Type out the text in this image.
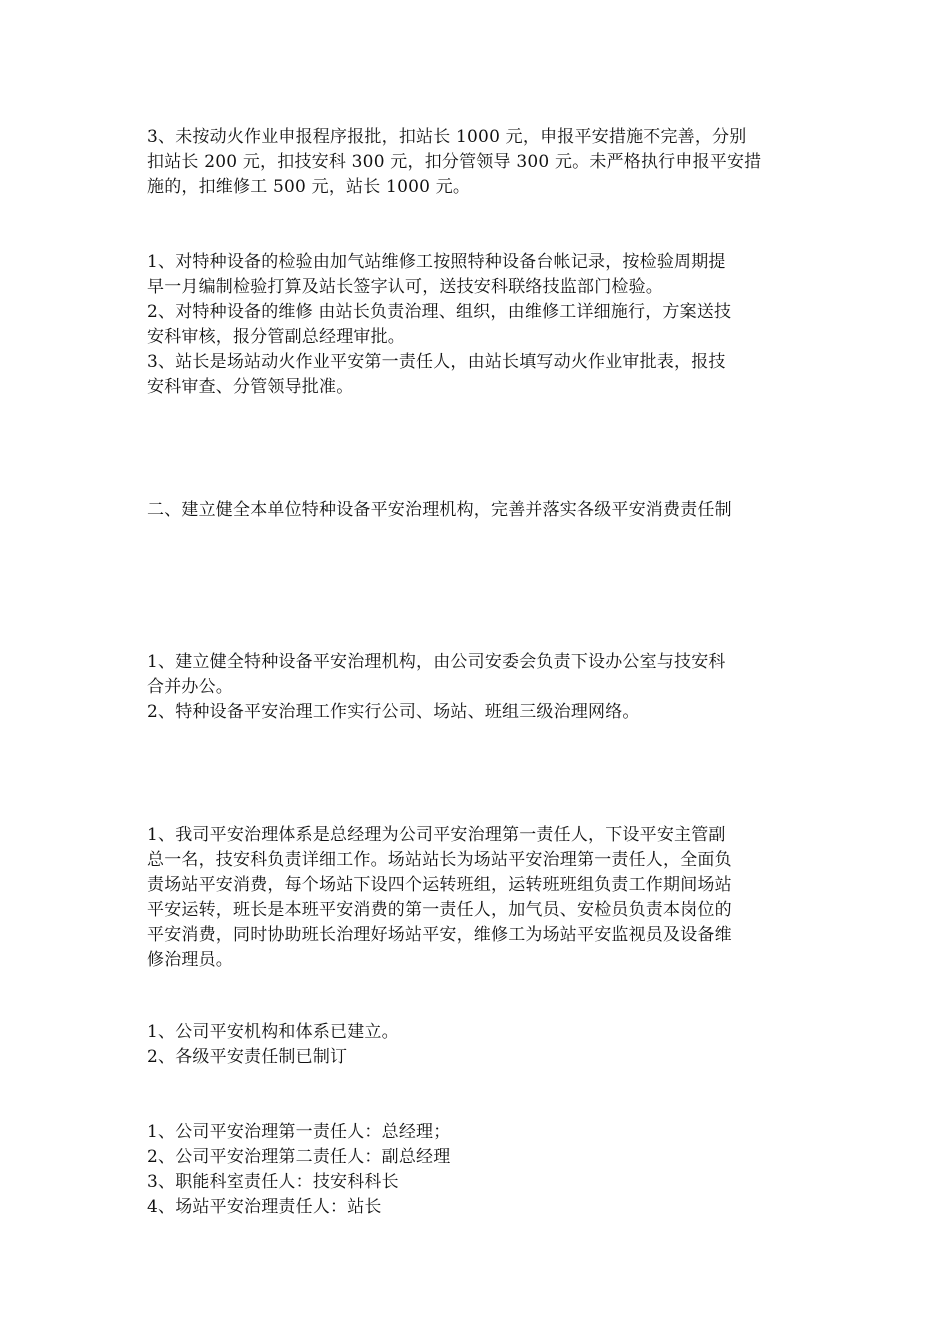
3、未按动火作业申报程序报批，扣站长 1000 元，申报平安措施不完善，分别

扣站长 200 元，扣技安科 300 元，扣分管领导 300 元。未严格执行申报平安措

施的，扣维修工 500 元，站长 1000 元。

1、对特种设备的检验由加气站维修工按照特种设备台帐记录，按检验周期提

早一月编制检验打算及站长签字认可，送技安科联络技监部门检验。

2、对特种设备的维修 由站长负责治理、组织，由维修工详细施行，方案送技

安科审核，报分管副总经理审批。

3、站长是场站动火作业平安第一责任人，由站长填写动火作业审批表，报技

安科审查、分管领导批准。

二、建立健全本单位特种设备平安治理机构，完善并落实各级平安消费责任制

1、建立健全特种设备平安治理机构，由公司安委会负责下设办公室与技安科

合并办公。

2、特种设备平安治理工作实行公司、场站、班组三级治理网络。

1、我司平安治理体系是总经理为公司平安治理第一责任人，下设平安主管副

总一名，技安科负责详细工作。场站站长为场站平安治理第一责任人，全面负

责场站平安消费，每个场站下设四个运转班组，运转班班组负责工作期间场站

平安运转，班长是本班平安消费的第一责任人，加气员、安检员负责本岗位的

平安消费，同时协助班长治理好场站平安，维修工为场站平安监视员及设备维

修治理员。

1、公司平安机构和体系已建立。

2、各级平安责任制已制订

1、公司平安治理第一责任人：总经理；

2、公司平安治理第二责任人：副总经理

3、职能科室责任人：技安科科长

4、场站平安治理责任人：站长
